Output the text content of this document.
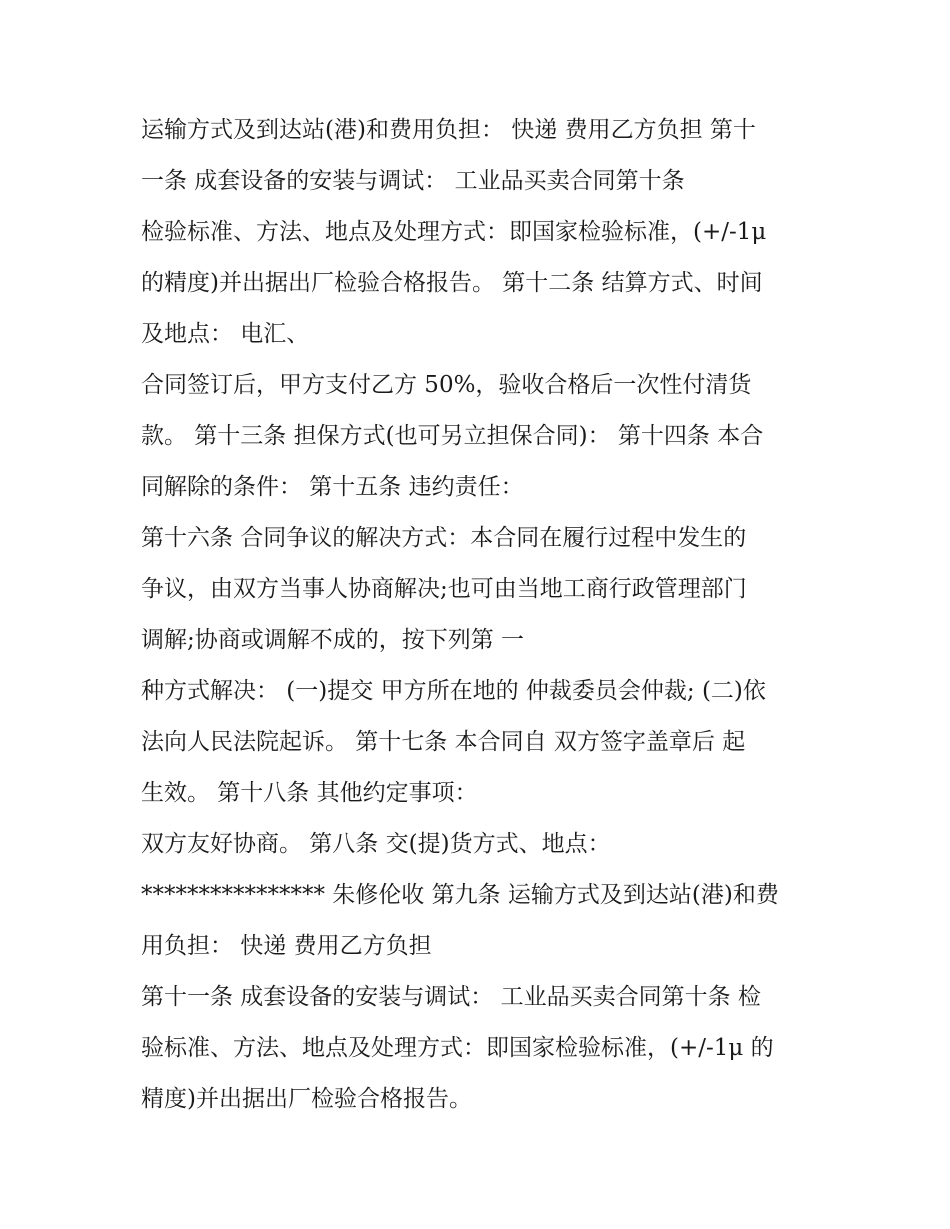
运输方式及到达站(港)和费用负担： 快递 费用乙方负担 第十
一条 成套设备的安装与调试： 工业品买卖合同第十条
检验标准、方法、地点及处理方式：即国家检验标准，(+/-1μ
的精度)并出据出厂检验合格报告。 第十二条 结算方式、时间
及地点： 电汇、
合同签订后，甲方支付乙方 50%，验收合格后一次性付清货
款。 第十三条 担保方式(也可另立担保合同)： 第十四条 本合
同解除的条件： 第十五条 违约责任：
第十六条 合同争议的解决方式：本合同在履行过程中发生的
争议，由双方当事人协商解决;也可由当地工商行政管理部门
调解;协商或调解不成的，按下列第 一
种方式解决： (一)提交 甲方所在地的 仲裁委员会仲裁; (二)依
法向人民法院起诉。 第十七条 本合同自 双方签字盖章后 起
生效。 第十八条 其他约定事项：
双方友好协商。 第八条 交(提)货方式、地点：
**************** 朱修伦收 第九条 运输方式及到达站(港)和费
用负担： 快递 费用乙方负担
第十一条 成套设备的安装与调试： 工业品买卖合同第十条 检
验标准、方法、地点及处理方式：即国家检验标准，(+/-1μ 的
精度)并出据出厂检验合格报告。
